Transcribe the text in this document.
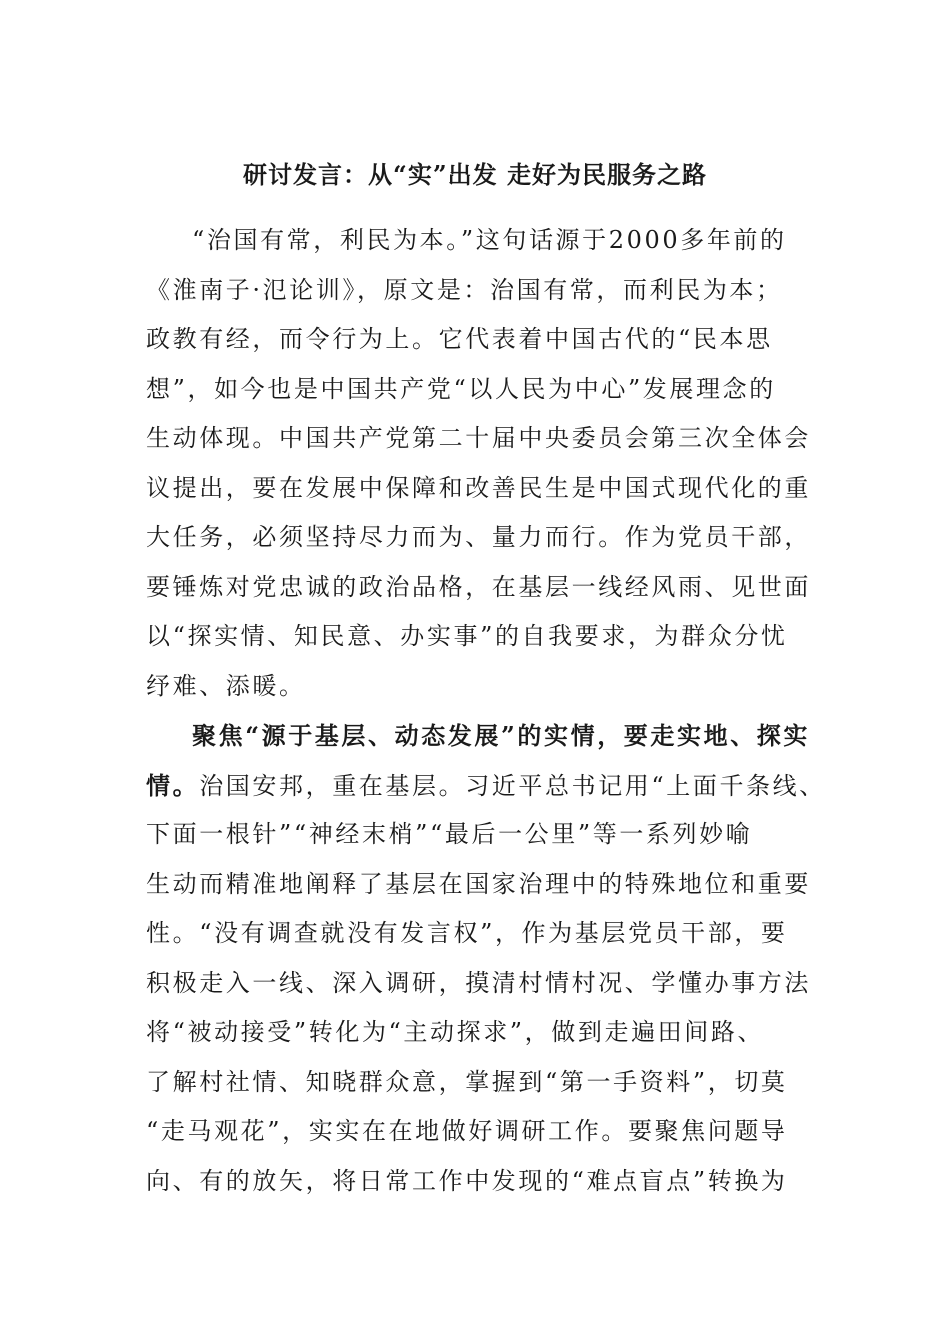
研讨发言：从“实”出发 走好为民服务之路
“治国有常，利民为本。”这句话源于2000多年前的
《淮南子·氾论训》，原文是：治国有常，而利民为本；
政教有经，而令行为上。它代表着中国古代的“民本思
想”，如今也是中国共产党“以人民为中心”发展理念的
生动体现。中国共产党第二十届中央委员会第三次全体会
议提出，要在发展中保障和改善民生是中国式现代化的重
大任务，必须坚持尽力而为、量力而行。作为党员干部，
要锤炼对党忠诚的政治品格，在基层一线经风雨、见世面
以“探实情、知民意、办实事”的自我要求，为群众分忧
纾难、添暖。
聚焦“源于基层、动态发展”的实情，要走实地、探实
情。治国安邦，重在基层。习近平总书记用“上面千条线、
下面一根针”“神经末梢”“最后一公里”等一系列妙喻
生动而精准地阐释了基层在国家治理中的特殊地位和重要
性。“没有调查就没有发言权”，作为基层党员干部，要
积极走入一线、深入调研，摸清村情村况、学懂办事方法
将“被动接受”转化为“主动探求”，做到走遍田间路、
了解村社情、知晓群众意，掌握到“第一手资料”，切莫
“走马观花”，实实在在地做好调研工作。要聚焦问题导
向、有的放矢，将日常工作中发现的“难点盲点”转换为
